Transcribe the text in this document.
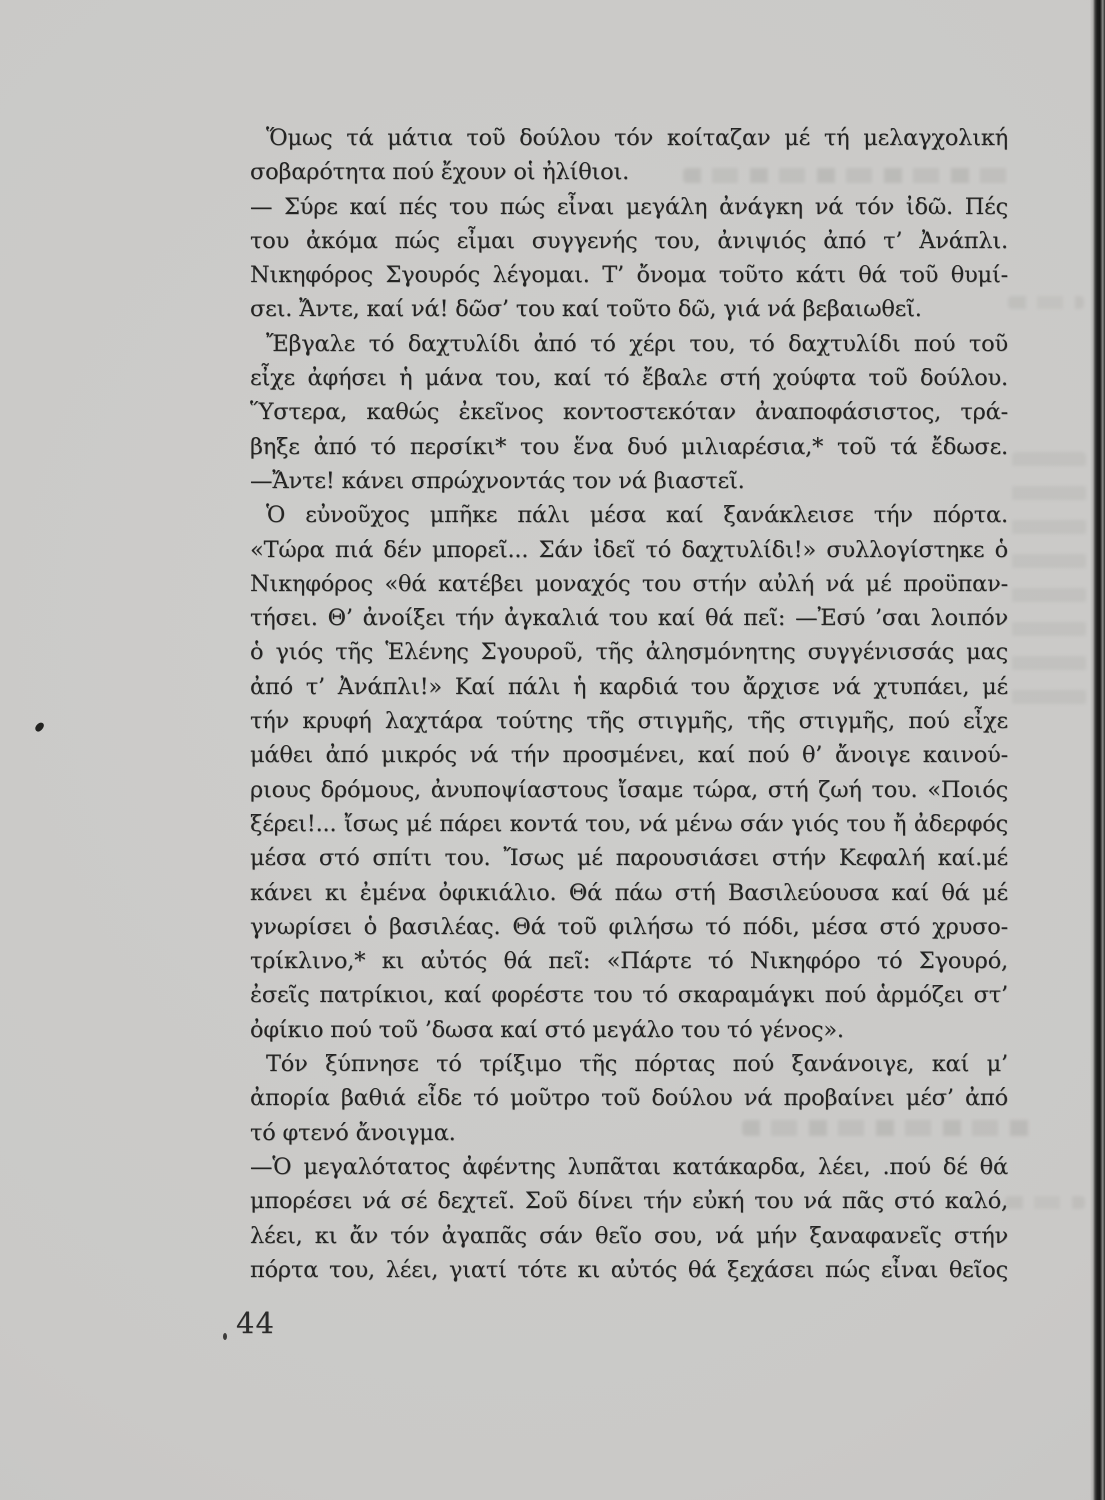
Ὅμως τά μάτια τοῦ δούλου τόν κοίταζαν μέ τή μελαγχολική
σοβαρότητα πού ἔχουν οἱ ἠλίθιοι.
— Σύρε καί πές του πώς εἶναι μεγάλη ἀνάγκη νά τόν ἰδῶ. Πές
του ἀκόμα πώς εἶμαι συγγενής του, ἀνιψιός ἀπό τ’ Ἀνάπλι.
Νικηφόρος Σγουρός λέγομαι. Τ’ ὄνομα τοῦτο κάτι θά τοῦ θυμί-
σει. Ἄντε, καί νά! δῶσ’ του καί τοῦτο δῶ, γιά νά βεβαιωθεῖ.
Ἔβγαλε τό δαχτυλίδι ἀπό τό χέρι του, τό δαχτυλίδι πού τοῦ
εἶχε ἀφήσει ἡ μάνα του, καί τό ἔβαλε στή χούφτα τοῦ δούλου.
Ὕστερα, καθώς ἐκεῖνος κοντοστεκόταν ἀναποφάσιστος, τρά-
βηξε ἀπό τό περσίκι* του ἕνα δυό μιλιαρέσια,* τοῦ τά ἔδωσε.
—Ἄντε! κάνει σπρώχνοντάς τον νά βιαστεῖ.
Ὁ εὐνοῦχος μπῆκε πάλι μέσα καί ξανάκλεισε τήν πόρτα.
«Τώρα πιά δέν μπορεῖ... Σάν ἰδεῖ τό δαχτυλίδι!» συλλογίστηκε ὁ
Νικηφόρος «θά κατέβει μοναχός του στήν αὐλή νά μέ προϋπαν-
τήσει. Θ’ ἀνοίξει τήν ἀγκαλιά του καί θά πεῖ: —Ἐσύ ’σαι λοιπόν
ὁ γιός τῆς Ἑλένης Σγουροῦ, τῆς ἀλησμόνητης συγγένισσάς μας
ἀπό τ’ Ἀνάπλι!» Καί πάλι ἡ καρδιά του ἄρχισε νά χτυπάει, μέ
τήν κρυφή λαχτάρα τούτης τῆς στιγμῆς, τῆς στιγμῆς, πού εἶχε
μάθει ἀπό μικρός νά τήν προσμένει, καί πού θ’ ἄνοιγε καινού-
ριους δρόμους, ἀνυποψίαστους ἴσαμε τώρα, στή ζωή του. «Ποιός
ξέρει!... ἴσως μέ πάρει κοντά του, νά μένω σάν γιός του ἤ ἀδερφός
μέσα στό σπίτι του. Ἴσως μέ παρουσιάσει στήν Κεφαλή καί.μέ
κάνει κι ἐμένα ὀφικιάλιο. Θά πάω στή Βασιλεύουσα καί θά μέ
γνωρίσει ὁ βασιλέας. Θά τοῦ φιλήσω τό πόδι, μέσα στό χρυσο-
τρίκλινο,* κι αὐτός θά πεῖ: «Πάρτε τό Νικηφόρο τό Σγουρό,
ἐσεῖς πατρίκιοι, καί φορέστε του τό σκαραμάγκι πού ἁρμόζει στ’
ὀφίκιο πού τοῦ ’δωσα καί στό μεγάλο του τό γένος».
Τόν ξύπνησε τό τρίξιμο τῆς πόρτας πού ξανάνοιγε, καί μ’
ἀπορία βαθιά εἶδε τό μοῦτρο τοῦ δούλου νά προβαίνει μέσ’ ἀπό
τό φτενό ἄνοιγμα.
—Ὁ μεγαλότατος ἀφέντης λυπᾶται κατάκαρδα, λέει, .πού δέ θά
μπορέσει νά σέ δεχτεῖ. Σοῦ δίνει τήν εὐκή του νά πᾶς στό καλό,
λέει, κι ἄν τόν ἀγαπᾶς σάν θεῖο σου, νά μήν ξαναφανεῖς στήν
πόρτα του, λέει, γιατί τότε κι αὐτός θά ξεχάσει πώς εἶναι θεῖος
44
